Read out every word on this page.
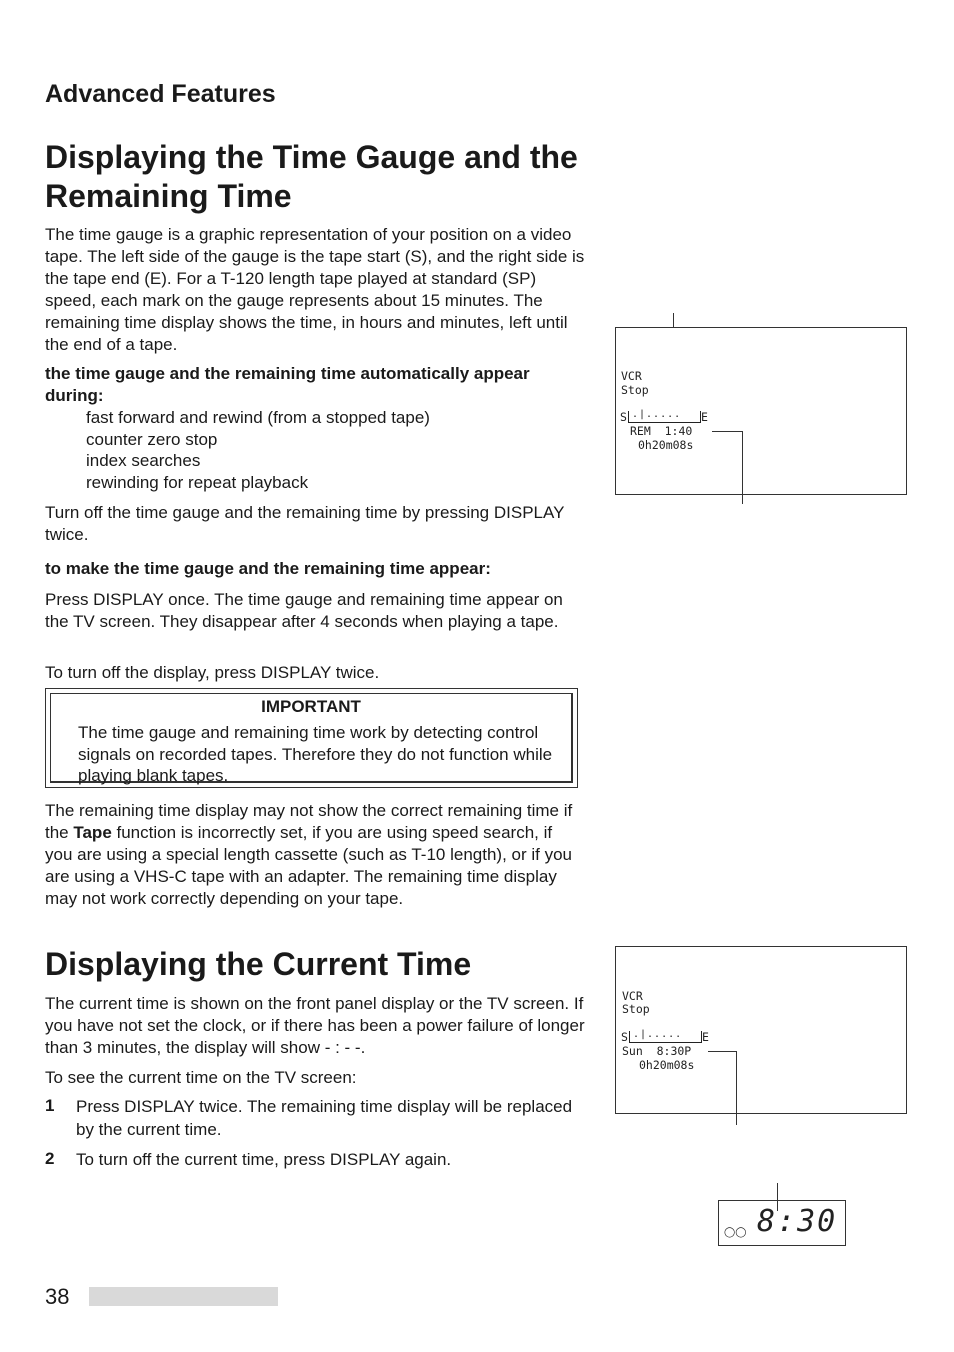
Advanced Features
Displaying the Time Gauge and the Remaining Time

The time gauge is a graphic representation of your position on a video tape. The left side of the gauge is the tape start (S), and the right side is the tape end (E). For a T-120 length tape played at standard (SP) speed, each mark on the gauge represents about 15 minutes. The remaining time display shows the time, in hours and minutes, left until the end of a tape.

the time gauge and the remaining time automatically appear during:

fast forward and rewind (from a stopped tape)
counter zero stop
index searches
rewinding for repeat playback

Turn off the time gauge and the remaining time by pressing DISPLAY twice.

to make the time gauge and the remaining time appear:

Press DISPLAY once. The time gauge and remaining time appear on the TV screen. They disappear after 4 seconds when playing a tape.

To turn off the display, press DISPLAY twice.

IMPORTANT
The time gauge and remaining time work by detecting control signals on recorded tapes. Therefore they do not function while playing blank tapes.

The remaining time display may not show the correct remaining time if the Tape function is incorrectly set, if you are using speed search, if you are using a special length cassette (such as T-10 length), or if you are using a VHS-C tape with an adapter. The remaining time display may not work correctly depending on your tape.

Displaying the Current Time

The current time is shown on the front panel display or the TV screen. If you have not set the clock, or if there has been a power failure of longer than 3 minutes, the display will show - : - -.

To see the current time on the TV screen:

1 Press DISPLAY twice. The remaining time display will be replaced by the current time.
2 To turn off the current time, press DISPLAY again.
VCR
Stop
S .|..... E
REM  1:40
0h20m08s
VCR
Stop
S .|..... E
Sun  8:30P
0h20m08s
◯◯ 8:30
38
